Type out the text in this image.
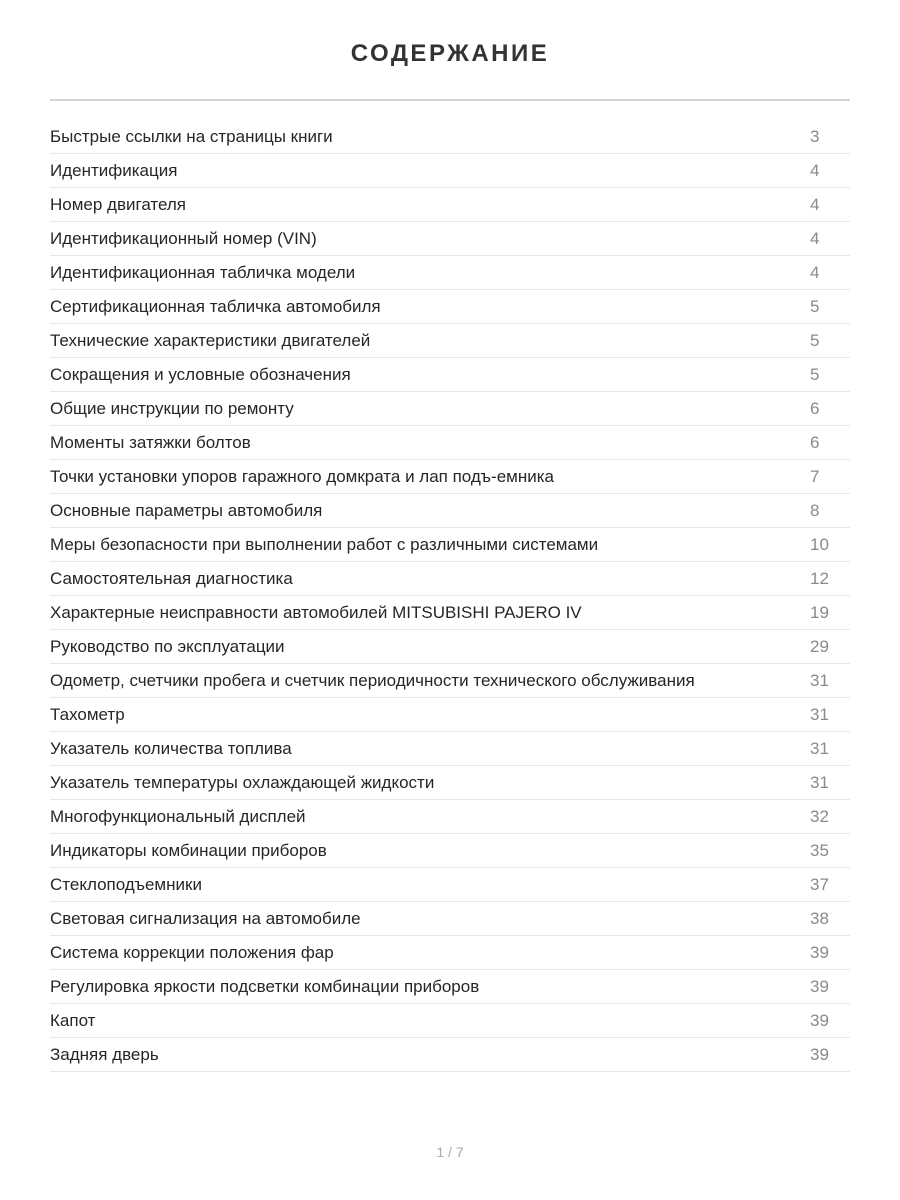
СОДЕРЖАНИЕ
Быстрые ссылки на страницы книги	3
Идентификация	4
Номер двигателя	4
Идентификационный номер (VIN)	4
Идентификационная табличка модели	4
Сертификационная табличка автомобиля	5
Технические характеристики двигателей	5
Сокращения и условные обозначения	5
Общие инструкции по ремонту	6
Моменты затяжки болтов	6
Точки установки упоров гаражного домкрата и лап подъ-емника	7
Основные параметры автомобиля	8
Меры безопасности при выполнении работ с различными системами	10
Самостоятельная диагностика	12
Характерные неисправности автомобилей MITSUBISHI PAJERO IV	19
Руководство по эксплуатации	29
Одометр, счетчики пробега и счетчик периодичности технического обслуживания	31
Тахометр	31
Указатель количества топлива	31
Указатель температуры охлаждающей жидкости	31
Многофункциональный дисплей	32
Индикаторы комбинации приборов	35
Стеклоподъемники	37
Световая сигнализация на автомобиле	38
Система коррекции положения фар	39
Регулировка яркости подсветки комбинации приборов	39
Капот	39
Задняя дверь	39
1 / 7
